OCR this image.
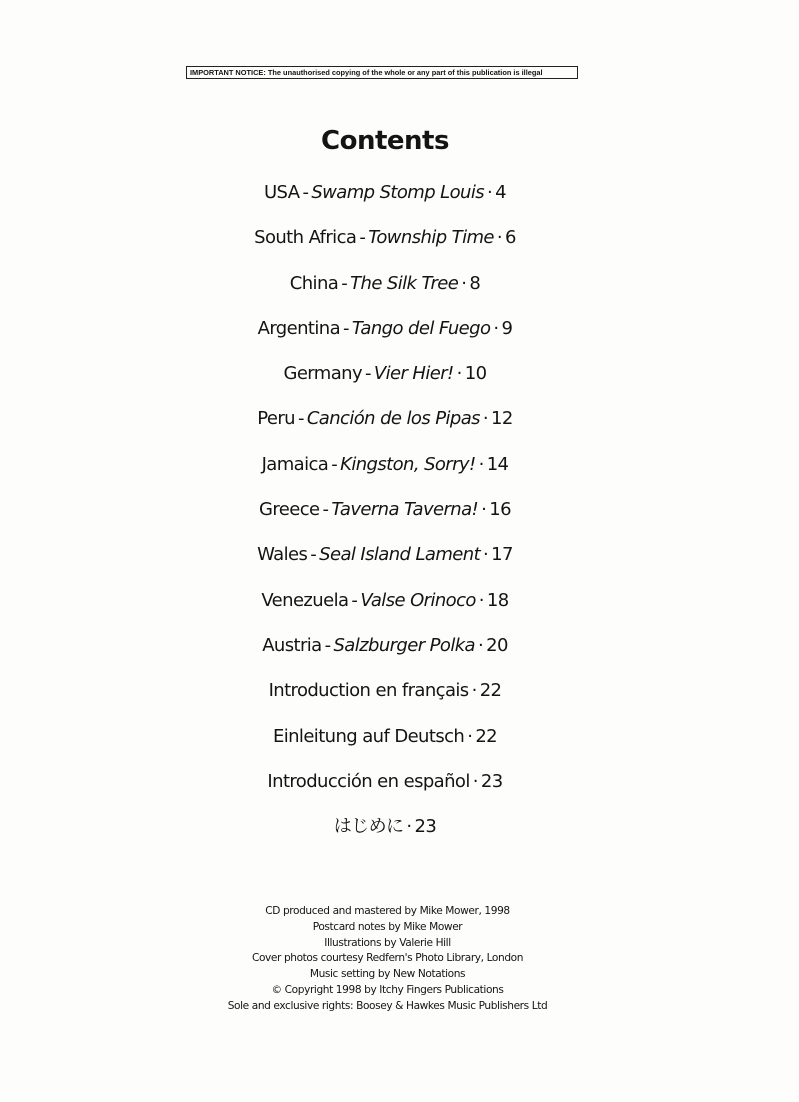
IMPORTANT NOTICE: The unauthorised copying of the whole or any part of this publication is illegal
Contents
USA - Swamp Stomp Louis · 4
South Africa - Township Time · 6
China - The Silk Tree · 8
Argentina - Tango del Fuego · 9
Germany - Vier Hier! · 10
Peru - Canción de los Pipas · 12
Jamaica - Kingston, Sorry! · 14
Greece - Taverna Taverna! · 16
Wales - Seal Island Lament · 17
Venezuela - Valse Orinoco · 18
Austria - Salzburger Polka · 20
Introduction en français · 22
Einleitung auf Deutsch · 22
Introducción en español · 23
はじめに · 23
CD produced and mastered by Mike Mower, 1998
Postcard notes by Mike Mower
Illustrations by Valerie Hill
Cover photos courtesy Redfern's Photo Library, London
Music setting by New Notations
© Copyright 1998 by Itchy Fingers Publications
Sole and exclusive rights: Boosey & Hawkes Music Publishers Ltd
